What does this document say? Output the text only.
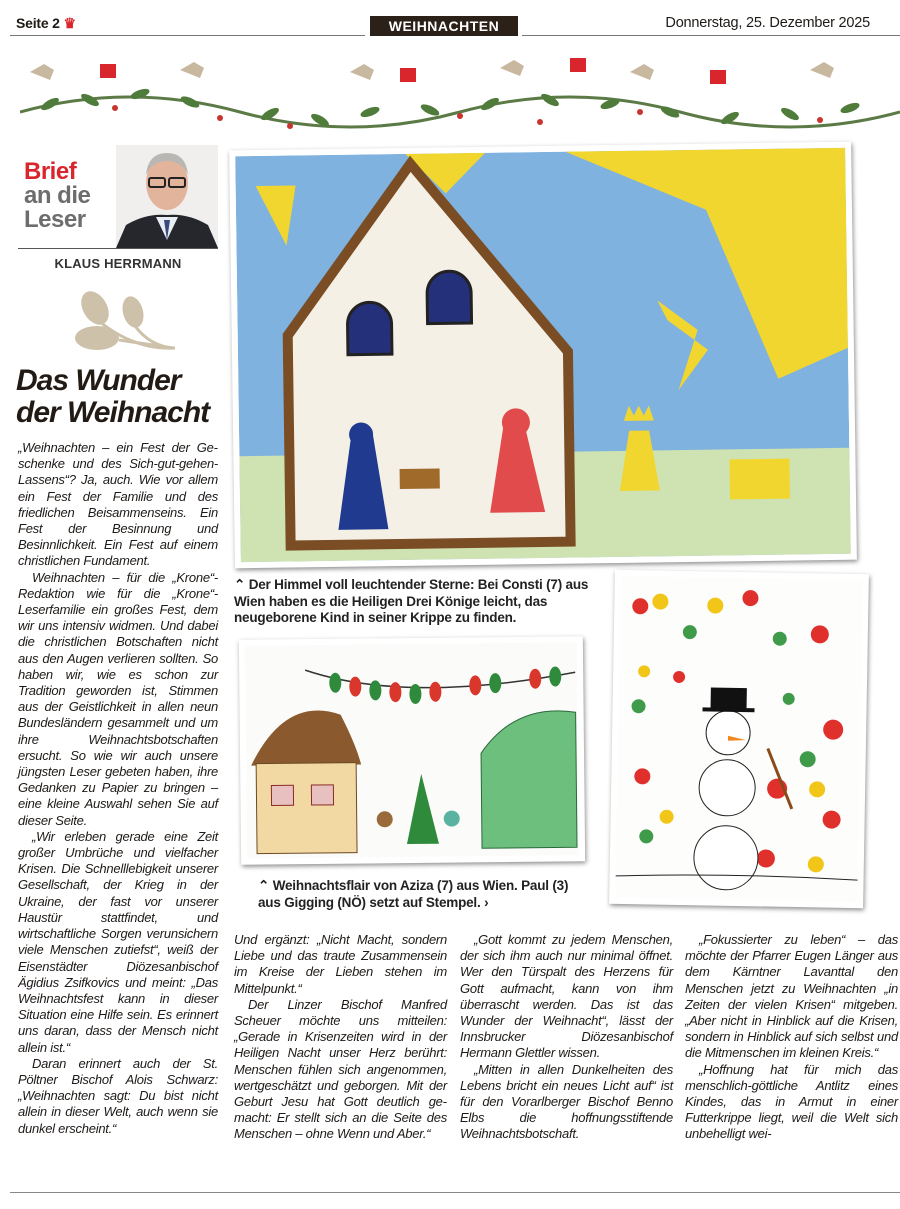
Seite 2 ♛	WEIHNACHTEN	Donnerstag, 25. Dezember 2025
Brief
an die
Leser
KLAUS HERRMANN
Das Wunder
der Weihnacht

„Weihnachten – ein Fest der Geschenke und des Sich-gut-gehen-Lassens“? Ja, auch. Wie vor allem ein Fest der Familie und des friedlichen Beisammenseins. Ein Fest der Besinnung und Besinnlichkeit. Ein Fest auf einem christlichen Fundament.

Weihnachten – für die „Krone“-Redaktion wie für die „Krone“-Leserfamilie ein großes Fest, dem wir uns intensiv widmen. Und dabei die christlichen Botschaften nicht aus den Augen verlieren sollten. So haben wir, wie es schon zur Tradition geworden ist, Stimmen aus der Geistlichkeit in allen neun Bundesländern gesammelt und um ihre Weihnachtsbotschaften ersucht. So wie wir auch unsere jüngsten Leser gebeten haben, ihre Gedanken zu Papier zu bringen – eine kleine Auswahl sehen Sie auf dieser Seite.

„Wir erleben gerade eine Zeit großer Umbrüche und vielfacher Krisen. Die Schnelllebigkeit unserer Gesellschaft, der Krieg in der Ukraine, der fast vor unserer Haustür stattfindet, und wirtschaftliche Sorgen verunsichern viele Menschen zutiefst“, weiß der Eisenstädter Diözesanbischof Ägidius Zsifkovics und meint: „Das Weihnachtsfest kann in dieser Situation eine Hilfe sein. Es erinnert uns daran, dass der Mensch nicht allein ist.“

Daran erinnert auch der St. Pöltner Bischof Alois Schwarz: „Weihnachten sagt: Du bist nicht allein in dieser Welt, auch wenn sie dunkel erscheint.“

⌃ Der Himmel voll leuchtender Sterne: Bei Consti (7) aus Wien haben es die Heiligen Drei Könige leicht, das neugeborene Kind in seiner Krippe zu finden.
⌃ Weihnachtsflair von Aziza (7) aus Wien. Paul (3) aus Gigging (NÖ) setzt auf Stempel. ›

Und ergänzt: „Nicht Macht, sondern Liebe und das traute Zusammensein im Kreise der Lieben stehen im Mittelpunkt.“

Der Linzer Bischof Manfred Scheuer möchte uns mitteilen: „Gerade in Krisenzeiten wird in der Heiligen Nacht unser Herz berührt: Menschen fühlen sich angenommen, wertgeschätzt und geborgen. Mit der Geburt Jesu hat Gott deutlich gemacht: Er stellt sich an die Seite des Menschen – ohne Wenn und Aber.“

„Gott kommt zu jedem Menschen, der sich ihm auch nur minimal öffnet. Wer den Türspalt des Herzens für Gott aufmacht, kann von ihm überrascht werden. Das ist das Wunder der Weihnacht“, lässt der Innsbrucker Diözesanbischof Hermann Glettler wissen.

„Mitten in allen Dunkelheiten des Lebens bricht ein neues Licht auf“ ist für den Vorarlberger Bischof Benno Elbs die hoffnungsstiftende Weihnachtsbotschaft.

„Fokussierter zu leben“ – das möchte der Pfarrer Eugen Länger aus dem Kärntner Lavanttal den Menschen jetzt zu Weihnachten „in Zeiten der vielen Krisen“ mitgeben. „Aber nicht in Hinblick auf die Krisen, sondern in Hinblick auf sich selbst und die Mitmenschen im kleinen Kreis.“

„Hoffnung hat für mich das menschlich-göttliche Antlitz eines Kindes, das in Armut in einer Futterkrippe liegt, weil die Welt sich unbehelligt wei-
